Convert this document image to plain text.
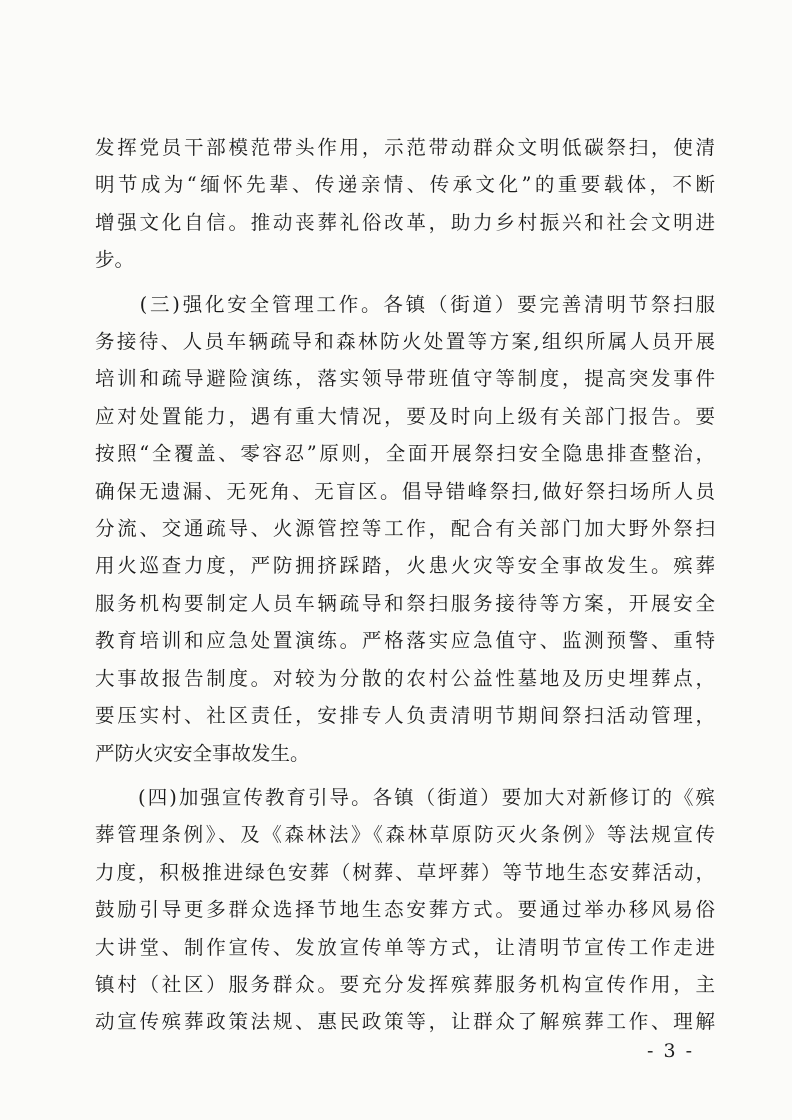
发挥党员干部模范带头作用，示范带动群众文明低碳祭扫，使清
明节成为“缅怀先辈、传递亲情、传承文化”的重要载体，不断
增强文化自信。推动丧葬礼俗改革，助力乡村振兴和社会文明进
步。

　　(三)强化安全管理工作。各镇（街道）要完善清明节祭扫服
务接待、人员车辆疏导和森林防火处置等方案,组织所属人员开展
培训和疏导避险演练，落实领导带班值守等制度，提高突发事件
应对处置能力，遇有重大情况，要及时向上级有关部门报告。要
按照“全覆盖、零容忍”原则，全面开展祭扫安全隐患排查整治，
确保无遗漏、无死角、无盲区。倡导错峰祭扫,做好祭扫场所人员
分流、交通疏导、火源管控等工作，配合有关部门加大野外祭扫
用火巡查力度，严防拥挤踩踏，火患火灾等安全事故发生。殡葬
服务机构要制定人员车辆疏导和祭扫服务接待等方案，开展安全
教育培训和应急处置演练。严格落实应急值守、监测预警、重特
大事故报告制度。对较为分散的农村公益性墓地及历史埋葬点，
要压实村、社区责任，安排专人负责清明节期间祭扫活动管理，
严防火灾安全事故发生。

　　(四)加强宣传教育引导。各镇（街道）要加大对新修订的《殡
葬管理条例》、及《森林法》《森林草原防灭火条例》等法规宣传
力度，积极推进绿色安葬（树葬、草坪葬）等节地生态安葬活动，
鼓励引导更多群众选择节地生态安葬方式。要通过举办移风易俗
大讲堂、制作宣传、发放宣传单等方式，让清明节宣传工作走进
镇村（社区）服务群众。要充分发挥殡葬服务机构宣传作用，主
动宣传殡葬政策法规、惠民政策等，让群众了解殡葬工作、理解

- 3 -
